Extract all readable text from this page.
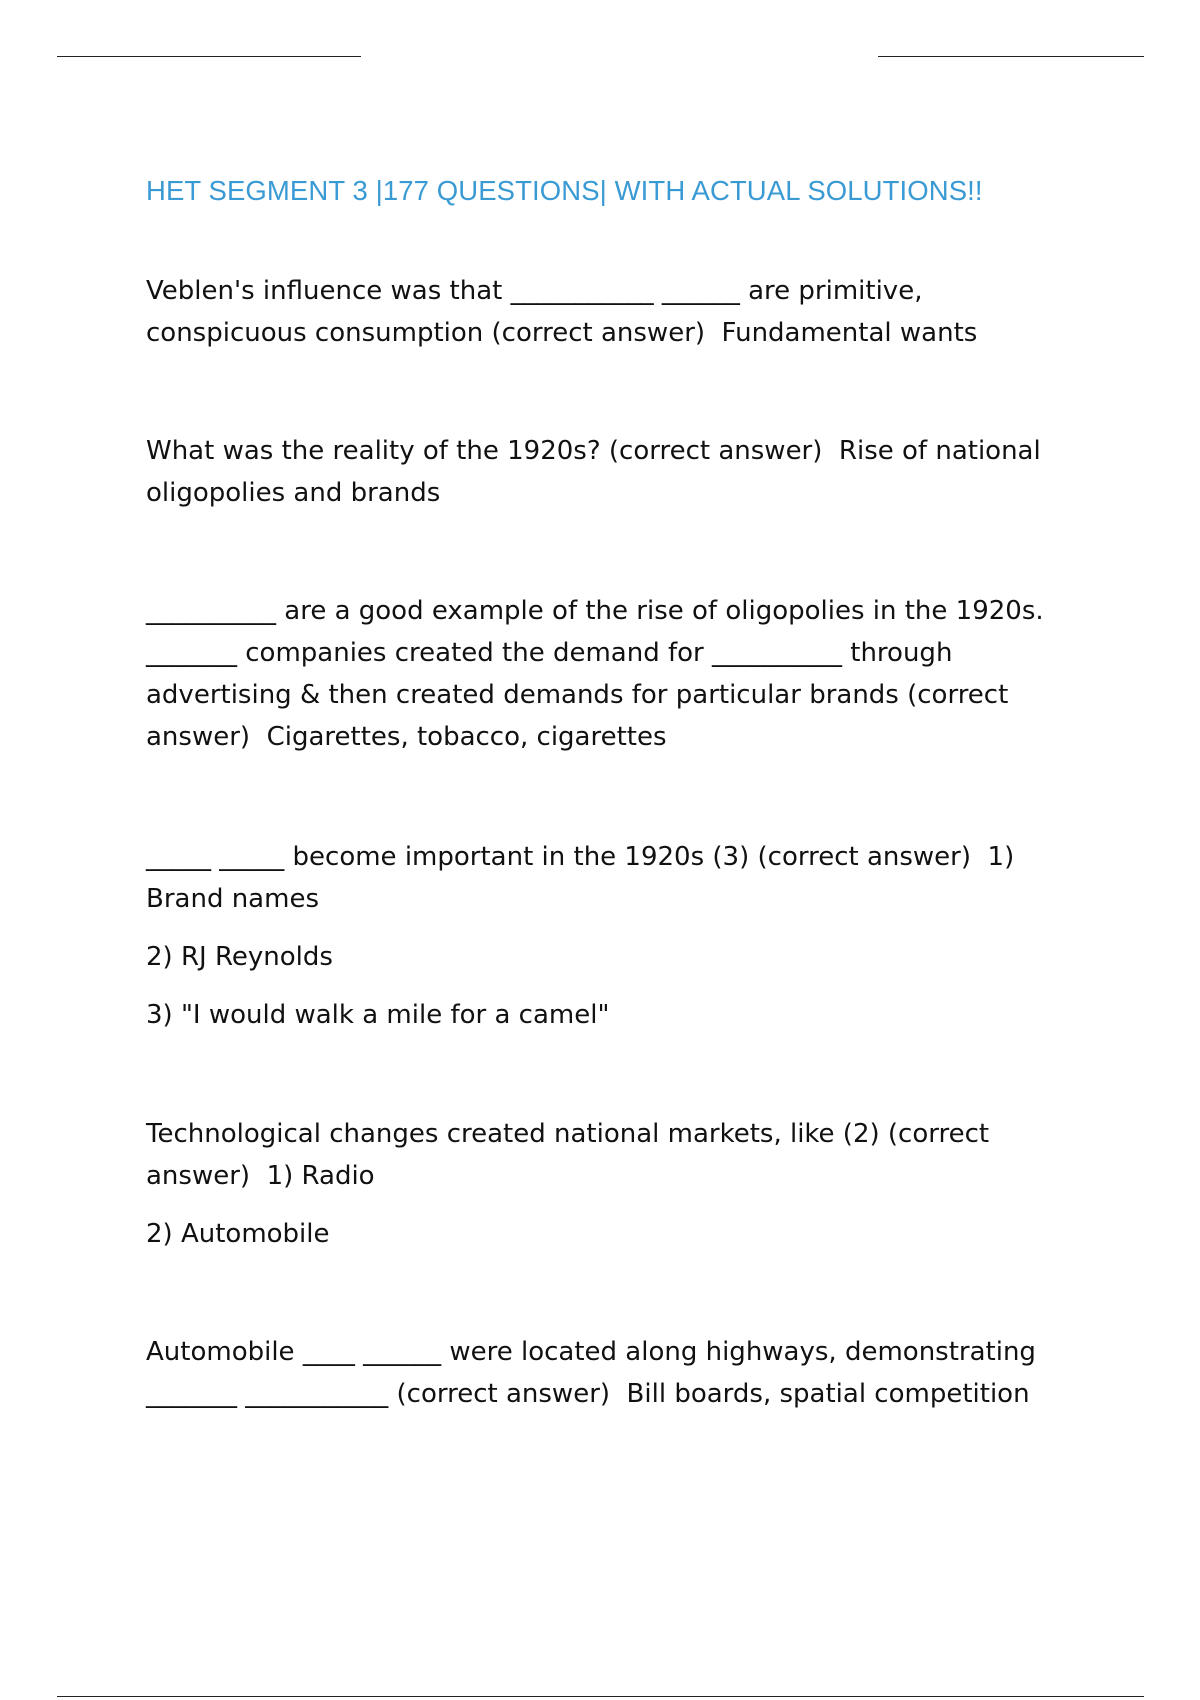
HET SEGMENT 3 |177 QUESTIONS| WITH ACTUAL SOLUTIONS!!

Veblen's influence was that ___________ ______ are primitive,
conspicuous consumption (correct answer)  Fundamental wants

What was the reality of the 1920s? (correct answer)  Rise of national
oligopolies and brands

__________ are a good example of the rise of oligopolies in the 1920s.
_______ companies created the demand for __________ through
advertising & then created demands for particular brands (correct
answer)  Cigarettes, tobacco, cigarettes

_____ _____ become important in the 1920s (3) (correct answer)  1)
Brand names

2) RJ Reynolds

3) "I would walk a mile for a camel"

Technological changes created national markets, like (2) (correct
answer)  1) Radio

2) Automobile

Automobile ____ ______ were located along highways, demonstrating
_______ ___________ (correct answer)  Bill boards, spatial competition
